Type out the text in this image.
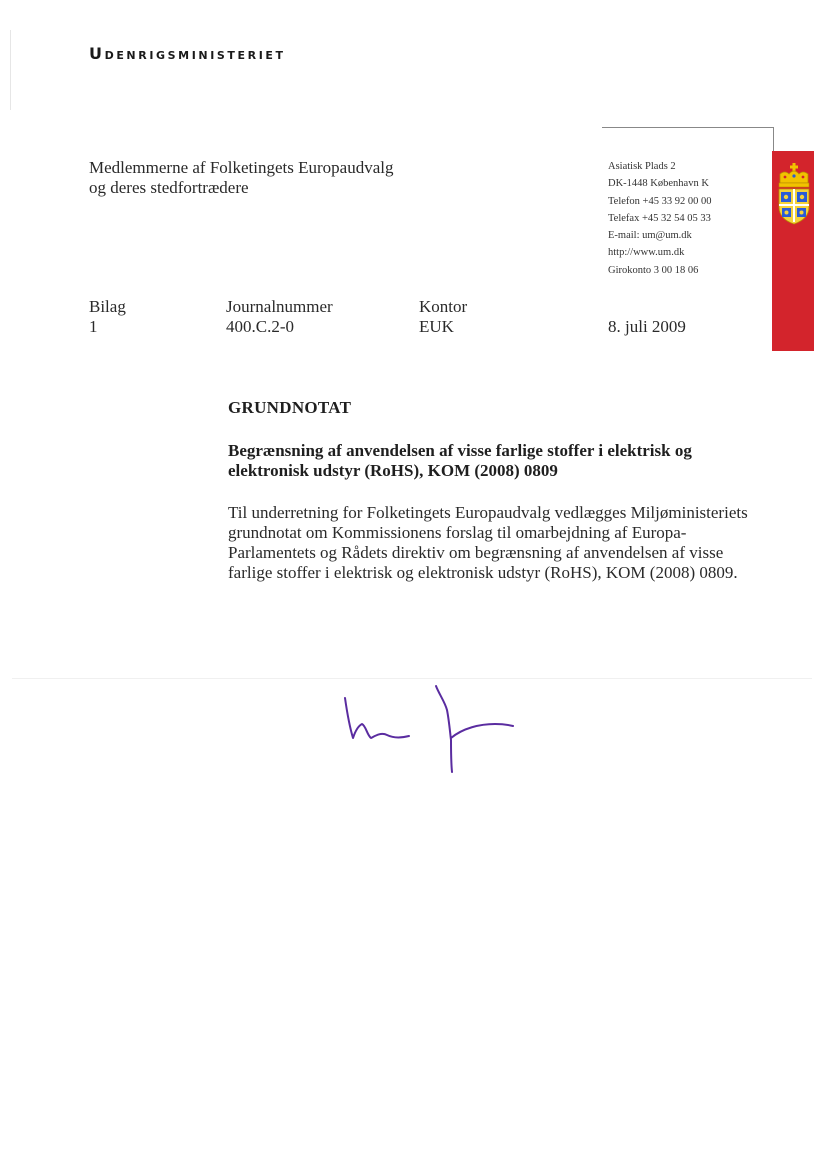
Udenrigsministeriet
Medlemmerne af Folketingets Europaudvalg
og deres stedfortrædere
Asiatisk Plads 2
DK-1448 København K
Telefon +45 33 92 00 00
Telefax +45 32 54 05 33
E-mail: um@um.dk
http://www.um.dk
Girokonto 3 00 18 06
Bilag
1
Journalnummer
400.C.2-0
Kontor
EUK	8. juli 2009
GRUNDNOTAT
Begrænsning af anvendelsen af visse farlige stoffer i elektrisk og elektronisk udstyr (RoHS), KOM (2008) 0809
Til underretning for Folketingets Europaudvalg vedlægges Miljøministeriets grundnotat om Kommissionens forslag til omarbejdning af Europa-Parlamentets og Rådets direktiv om begrænsning af anvendelsen af visse farlige stoffer i elektrisk og elektronisk udstyr (RoHS), KOM (2008) 0809.
